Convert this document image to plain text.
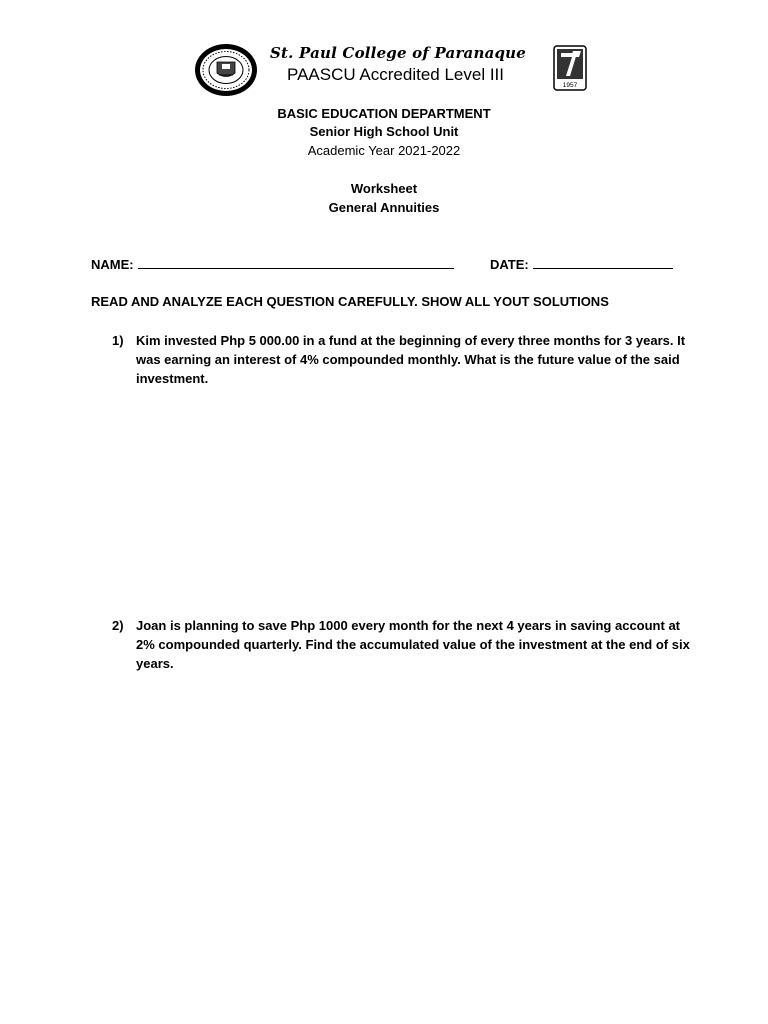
St. Paul College of Paranaque
PAASCU Accredited Level III
1957
BASIC EDUCATION DEPARTMENT
Senior High School Unit
Academic Year 2021-2022
Worksheet
General Annuities
NAME:	DATE:
READ AND ANALYZE EACH QUESTION CAREFULLY. SHOW ALL YOUT SOLUTIONS
1) Kim invested Php 5 000.00 in a fund at the beginning of every three months for 3 years. It was earning an interest of 4% compounded monthly. What is the future value of the said investment.
2) Joan is planning to save Php 1000 every month for the next 4 years in saving account at 2% compounded quarterly. Find the accumulated value of the investment at the end of six years.
